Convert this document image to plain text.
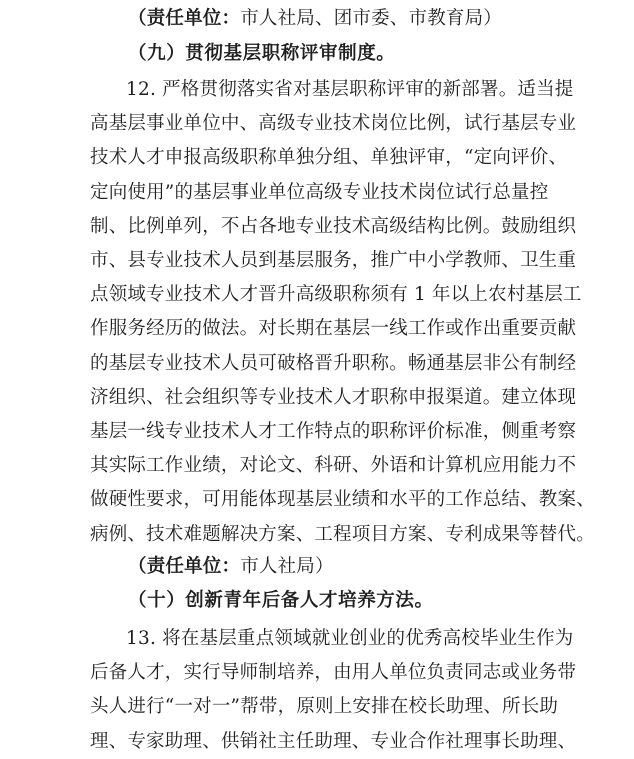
（责任单位：市人社局、团市委、市教育局）
（九）贯彻基层职称评审制度。
12. 严格贯彻落实省对基层职称评审的新部署。适当提
高基层事业单位中、高级专业技术岗位比例，试行基层专业
技术人才申报高级职称单独分组、单独评审，“定向评价、
定向使用”的基层事业单位高级专业技术岗位试行总量控
制、比例单列，不占各地专业技术高级结构比例。鼓励组织
市、县专业技术人员到基层服务，推广中小学教师、卫生重
点领域专业技术人才晋升高级职称须有 1 年以上农村基层工
作服务经历的做法。对长期在基层一线工作或作出重要贡献
的基层专业技术人员可破格晋升职称。畅通基层非公有制经
济组织、社会组织等专业技术人才职称申报渠道。建立体现
基层一线专业技术人才工作特点的职称评价标准，侧重考察
其实际工作业绩，对论文、科研、外语和计算机应用能力不
做硬性要求，可用能体现基层业绩和水平的工作总结、教案、
病例、技术难题解决方案、工程项目方案、专利成果等替代。
（责任单位：市人社局）
（十）创新青年后备人才培养方法。
13. 将在基层重点领域就业创业的优秀高校毕业生作为
后备人才，实行导师制培养，由用人单位负责同志或业务带
头人进行“一对一”帮带，原则上安排在校长助理、所长助
理、专家助理、供销社主任助理、专业合作社理事长助理、
